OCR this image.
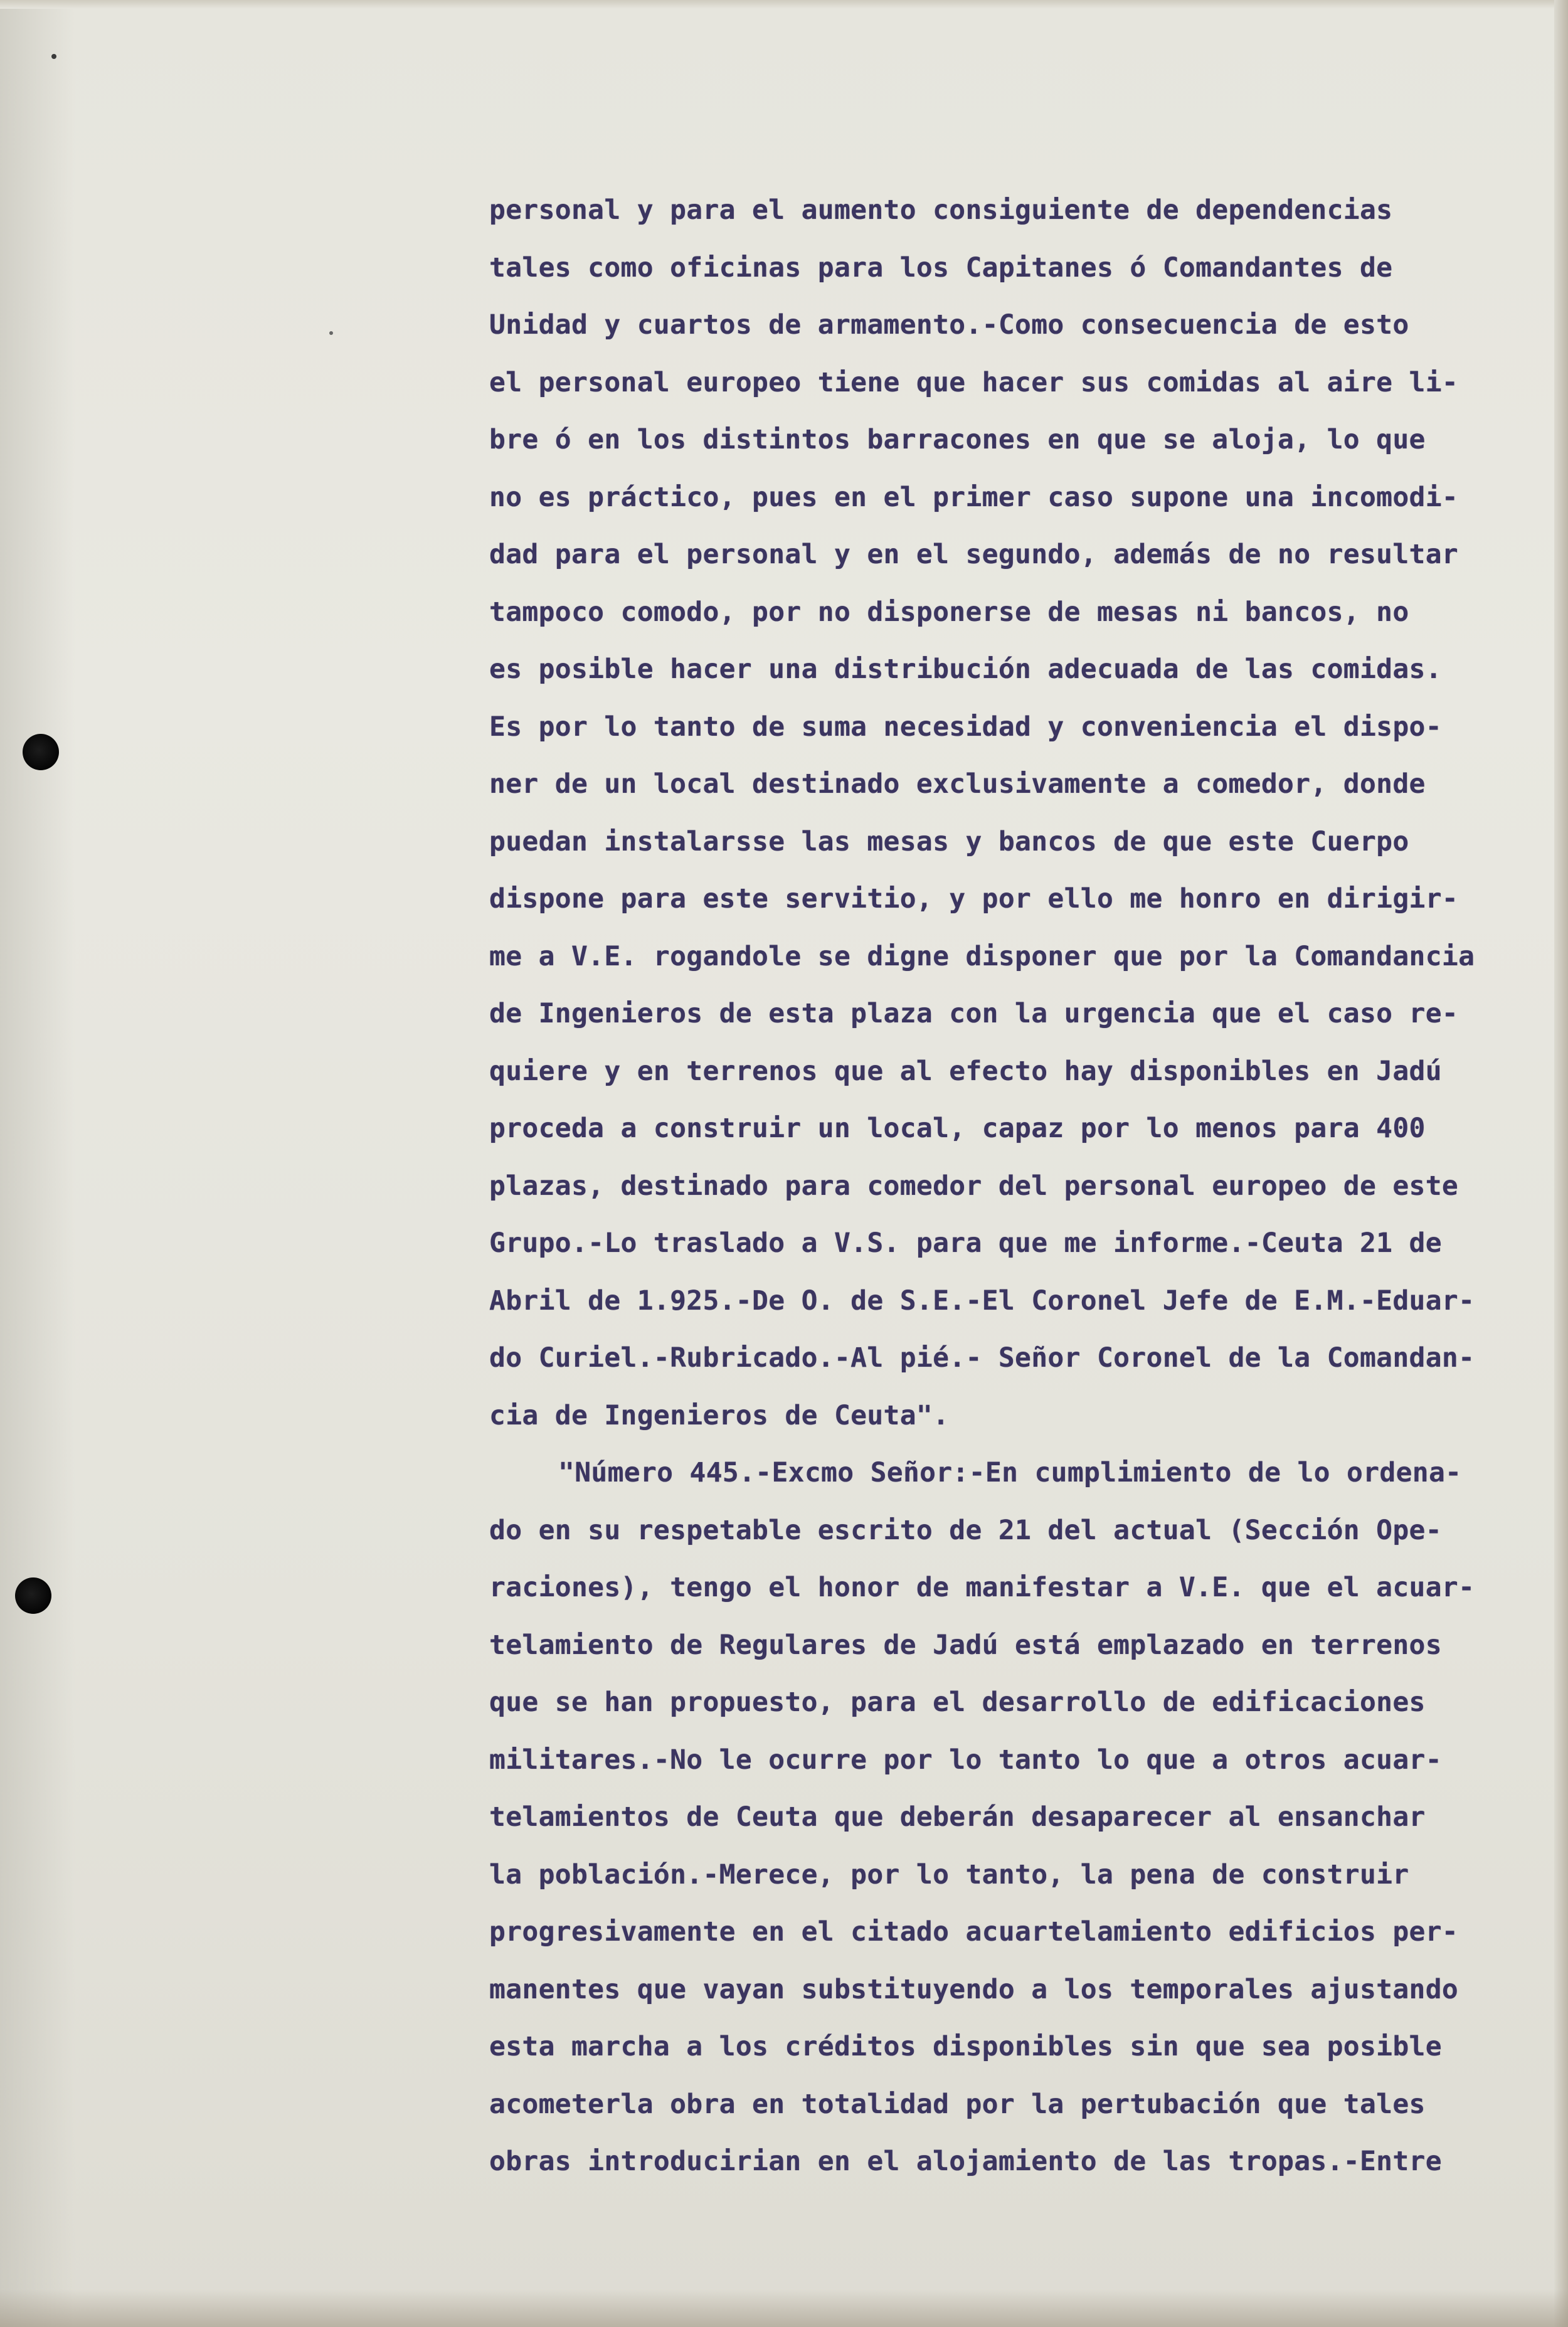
personal y para el aumento consiguiente de dependencias
tales como oficinas para los Capitanes ó Comandantes de
Unidad y cuartos de armamento.-Como consecuencia de esto
el personal europeo tiene que hacer sus comidas al aire li-
bre ó en los distintos barracones en que se aloja, lo que
no es práctico, pues en el primer caso supone una incomodi-
dad para el personal y en el segundo, además de no resultar
tampoco comodo, por no disponerse de mesas ni bancos, no
es posible hacer una distribución adecuada de las comidas.
Es por lo tanto de suma necesidad y conveniencia el dispo-
ner de un local destinado exclusivamente a comedor, donde
puedan instalarsse las mesas y bancos de que este Cuerpo
dispone para este servitio, y por ello me honro en dirigir-
me a V.E. rogandole se digne disponer que por la Comandancia
de Ingenieros de esta plaza con la urgencia que el caso re-
quiere y en terrenos que al efecto hay disponibles en Jadú
proceda a construir un local, capaz por lo menos para 400
plazas, destinado para comedor del personal europeo de este
Grupo.-Lo traslado a V.S. para que me informe.-Ceuta 21 de
Abril de 1.925.-De O. de S.E.-El Coronel Jefe de E.M.-Eduar-
do Curiel.-Rubricado.-Al pié.- Señor Coronel de la Comandan-
cia de Ingenieros de Ceuta".
"Número 445.-Excmo Señor:-En cumplimiento de lo ordena-
do en su respetable escrito de 21 del actual (Sección Ope-
raciones), tengo el honor de manifestar a V.E. que el acuar-
telamiento de Regulares de Jadú está emplazado en terrenos
que se han propuesto, para el desarrollo de edificaciones
militares.-No le ocurre por lo tanto lo que a otros acuar-
telamientos de Ceuta que deberán desaparecer al ensanchar
la población.-Merece, por lo tanto, la pena de construir
progresivamente en el citado acuartelamiento edificios per-
manentes que vayan substituyendo a los temporales ajustando
esta marcha a los créditos disponibles sin que sea posible
acometerla obra en totalidad por la pertubación que tales
obras introducirian en el alojamiento de las tropas.-Entre
